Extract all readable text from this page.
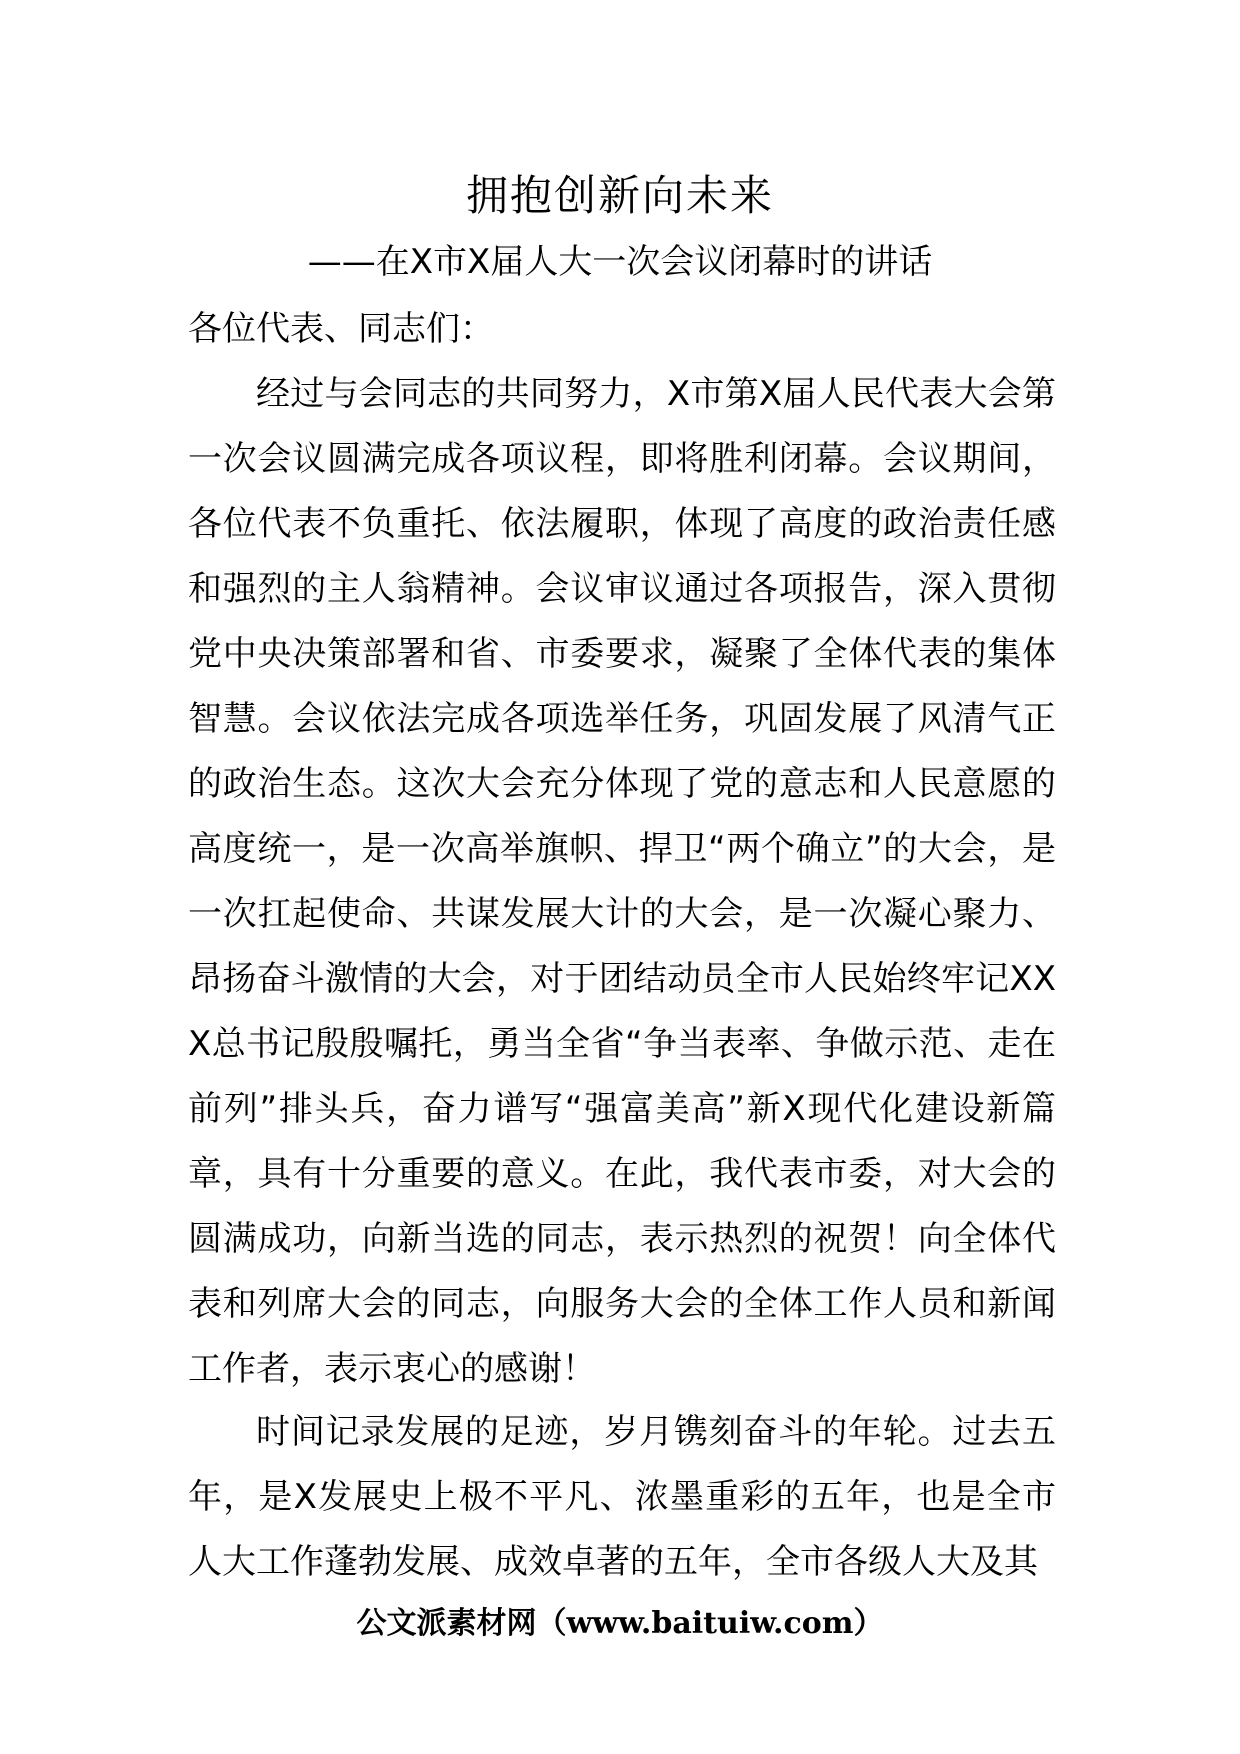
拥抱创新向未来

——在X市X届人大一次会议闭幕时的讲话

各位代表、同志们：

经过与会同志的共同努力，X市第X届人民代表大会第一次会议圆满完成各项议程，即将胜利闭幕。会议期间，各位代表不负重托、依法履职，体现了高度的政治责任感和强烈的主人翁精神。会议审议通过各项报告，深入贯彻党中央决策部署和省、市委要求，凝聚了全体代表的集体智慧。会议依法完成各项选举任务，巩固发展了风清气正的政治生态。这次大会充分体现了党的意志和人民意愿的高度统一，是一次高举旗帜、捍卫“两个确立”的大会，是一次扛起使命、共谋发展大计的大会，是一次凝心聚力、昂扬奋斗激情的大会，对于团结动员全市人民始终牢记XXX总书记殷殷嘱托，勇当全省“争当表率、争做示范、走在前列”排头兵，奋力谱写“强富美高”新X现代化建设新篇章，具有十分重要的意义。在此，我代表市委，对大会的圆满成功，向新当选的同志，表示热烈的祝贺！向全体代表和列席大会的同志，向服务大会的全体工作人员和新闻工作者，表示衷心的感谢！

时间记录发展的足迹，岁月镌刻奋斗的年轮。过去五年，是X发展史上极不平凡、浓墨重彩的五年，也是全市人大工作蓬勃发展、成效卓著的五年，全市各级人大及其

公文派素材网（www.baituiw.com）
